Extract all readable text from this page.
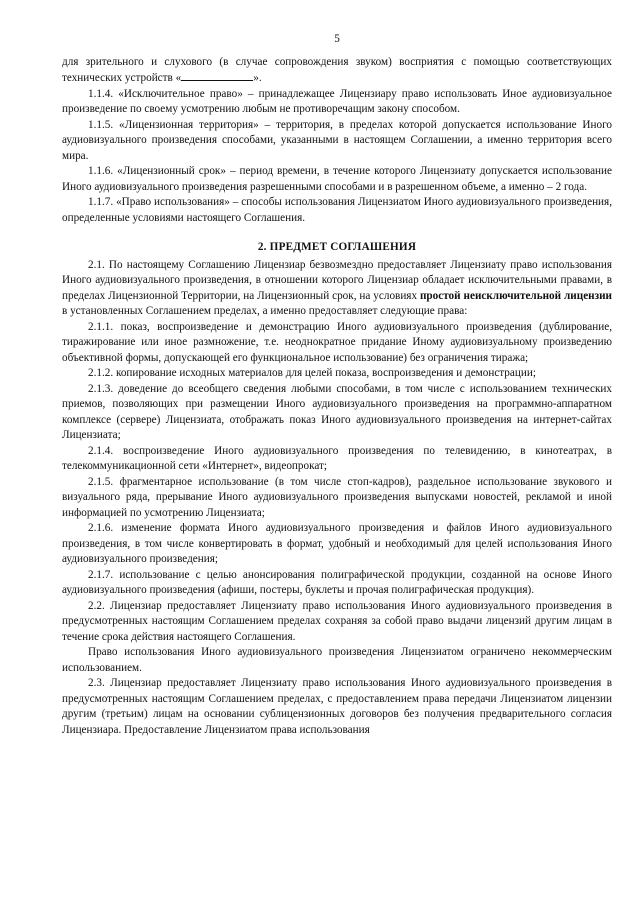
5

для зрительного и слухового (в случае сопровождения звуком) восприятия с помощью соответствующих технических устройств «	».

1.1.4. «Исключительное право» – принадлежащее Лицензиару право использовать Иное аудиовизуальное произведение по своему усмотрению любым не противоречащим закону способом.

1.1.5. «Лицензионная территория» – территория, в пределах которой допускается использование Иного аудиовизуального произведения способами, указанными в настоящем Соглашении, а именно территория всего мира.

1.1.6. «Лицензионный срок» – период времени, в течение которого Лицензиату допускается использование Иного аудиовизуального произведения разрешенными способами и в разрешенном объеме, а именно – 2 года.

1.1.7. «Право использования» – способы использования Лицензиатом Иного аудиовизуального произведения, определенные условиями настоящего Соглашения.

2. ПРЕДМЕТ СОГЛАШЕНИЯ

2.1. По настоящему Соглашению Лицензиар безвозмездно предоставляет Лицензиату право использования Иного аудиовизуального произведения, в отношении которого Лицензиар обладает исключительными правами, в пределах Лицензионной Территории, на Лицензионный срок, на условиях простой неисключительной лицензии в установленных Соглашением пределах, а именно предоставляет следующие права:

2.1.1. показ, воспроизведение и демонстрацию Иного аудиовизуального произведения (дублирование, тиражирование или иное размножение, т.е. неоднократное придание Иному аудиовизуальному произведению объективной формы, допускающей его функциональное использование) без ограничения тиража;

2.1.2. копирование исходных материалов для целей показа, воспроизведения и демонстрации;

2.1.3. доведение до всеобщего сведения любыми способами, в том числе с использованием технических приемов, позволяющих при размещении Иного аудиовизуального произведения на программно-аппаратном комплексе (сервере) Лицензиата, отображать показ Иного аудиовизуального произведения на интернет-сайтах Лицензиата;

2.1.4. воспроизведение Иного аудиовизуального произведения по телевидению, в кинотеатрах, в телекоммуникационной сети «Интернет», видеопрокат;

2.1.5. фрагментарное использование (в том числе стоп-кадров), раздельное использование звукового и визуального ряда, прерывание Иного аудиовизуального произведения выпусками новостей, рекламой и иной информацией по усмотрению Лицензиата;

2.1.6. изменение формата Иного аудиовизуального произведения и файлов Иного аудиовизуального произведения, в том числе конвертировать в формат, удобный и необходимый для целей использования Иного аудиовизуального произведения;

2.1.7. использование с целью анонсирования полиграфической продукции, созданной на основе Иного аудиовизуального произведения (афиши, постеры, буклеты и прочая полиграфическая продукция).

2.2. Лицензиар предоставляет Лицензиату право использования Иного аудиовизуального произведения в предусмотренных настоящим Соглашением пределах сохраняя за собой право выдачи лицензий другим лицам в течение срока действия настоящего Соглашения.

Право использования Иного аудиовизуального произведения Лицензиатом ограничено некоммерческим использованием.

2.3. Лицензиар предоставляет Лицензиату право использования Иного аудиовизуального произведения в предусмотренных настоящим Соглашением пределах, с предоставлением права передачи Лицензиатом лицензии другим (третьим) лицам на основании сублицензионных договоров без получения предварительного согласия Лицензиара. Предоставление Лицензиатом права использования
